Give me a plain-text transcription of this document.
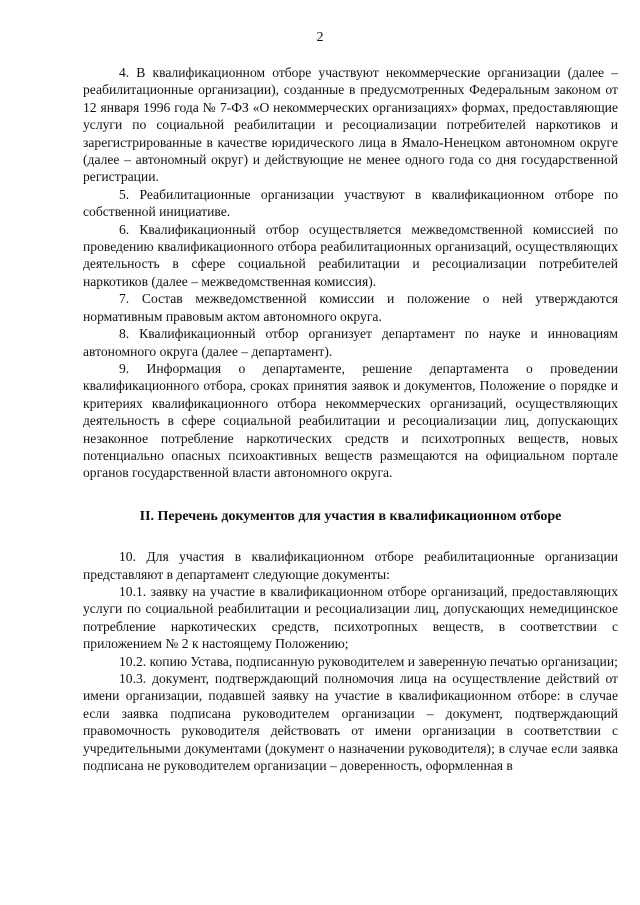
2

4. В квалификационном отборе участвуют некоммерческие организации (далее – реабилитационные организации), созданные в предусмотренных Федеральным законом от 12 января 1996 года № 7-ФЗ «О некоммерческих организациях» формах, предоставляющие услуги по социальной реабилитации и ресоциализации потребителей наркотиков и зарегистрированные в качестве юридического лица в Ямало-Ненецком автономном округе (далее – автономный округ) и действующие не менее одного года со дня государственной регистрации.

5. Реабилитационные организации участвуют в квалификационном отборе по собственной инициативе.

6. Квалификационный отбор осуществляется межведомственной комиссией по проведению квалификационного отбора реабилитационных организаций, осуществляющих деятельность в сфере социальной реабилитации и ресоциализации потребителей наркотиков (далее – межведомственная комиссия).

7. Состав межведомственной комиссии и положение о ней утверждаются нормативным правовым актом автономного округа.

8. Квалификационный отбор организует департамент по науке и инновациям автономного округа (далее – департамент).

9. Информация о департаменте, решение департамента о проведении квалификационного отбора, сроках принятия заявок и документов, Положение о порядке и критериях квалификационного отбора некоммерческих организаций, осуществляющих деятельность в сфере социальной реабилитации и ресоциализации лиц, допускающих незаконное потребление наркотических средств и психотропных веществ, новых потенциально опасных психоактивных веществ размещаются на официальном портале органов государственной власти автономного округа.

II. Перечень документов для участия в квалификационном отборе

10. Для участия в квалификационном отборе реабилитационные организации представляют в департамент следующие документы:

10.1. заявку на участие в квалификационном отборе организаций, предоставляющих услуги по социальной реабилитации и ресоциализации лиц, допускающих немедицинское потребление наркотических средств, психотропных веществ, в соответствии с приложением № 2 к настоящему Положению;

10.2. копию Устава, подписанную руководителем и заверенную печатью организации;

10.3. документ, подтверждающий полномочия лица на осуществление действий от имени организации, подавшей заявку на участие в квалификационном отборе: в случае если заявка подписана руководителем организации – документ, подтверждающий правомочность руководителя действовать от имени организации в соответствии с учредительными документами (документ о назначении руководителя); в случае если заявка подписана не руководителем организации – доверенность, оформленная в
